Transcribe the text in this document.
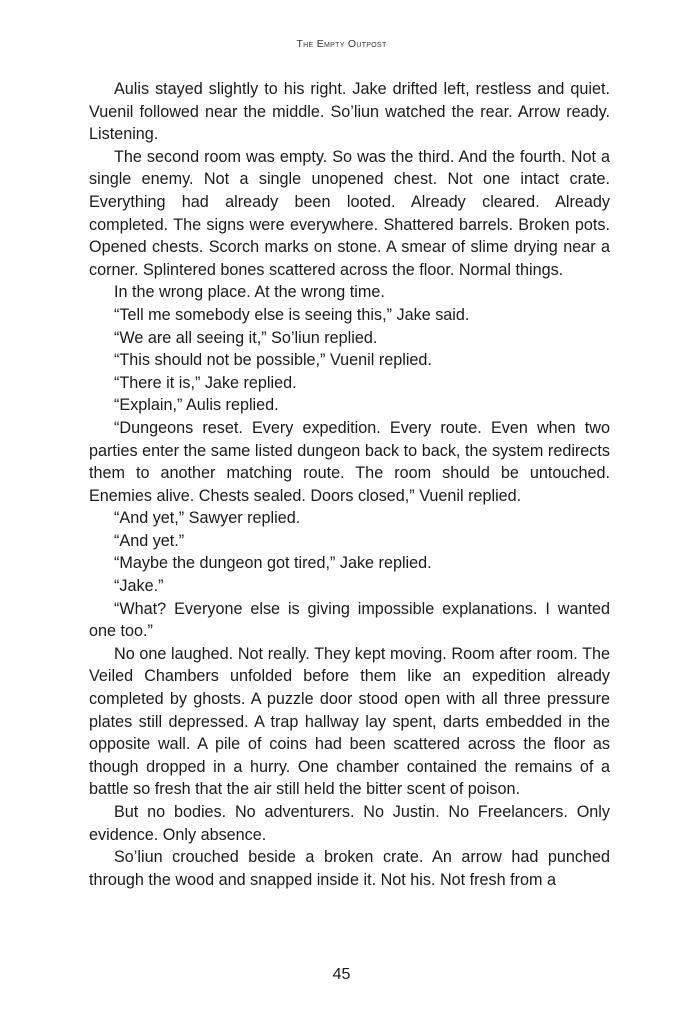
The Empty Outpost

Aulis stayed slightly to his right. Jake drifted left, restless and quiet. Vuenil followed near the middle. So’liun watched the rear. Arrow ready. Listening.

The second room was empty. So was the third. And the fourth. Not a single enemy. Not a single unopened chest. Not one intact crate. Everything had already been looted. Already cleared. Already completed. The signs were everywhere. Shattered barrels. Broken pots. Opened chests. Scorch marks on stone. A smear of slime drying near a corner. Splintered bones scattered across the floor. Normal things.

In the wrong place. At the wrong time.

“Tell me somebody else is seeing this,” Jake said.

“We are all seeing it,” So’liun replied.

“This should not be possible,” Vuenil replied.

“There it is,” Jake replied.

“Explain,” Aulis replied.

“Dungeons reset. Every expedition. Every route. Even when two parties enter the same listed dungeon back to back, the system redirects them to another matching route. The room should be untouched. Enemies alive. Chests sealed. Doors closed,” Vuenil replied.

“And yet,” Sawyer replied.

“And yet.”

“Maybe the dungeon got tired,” Jake replied.

“Jake.”

“What? Everyone else is giving impossible explanations. I wanted one too.”

No one laughed. Not really. They kept moving. Room after room. The Veiled Chambers unfolded before them like an expedition already completed by ghosts. A puzzle door stood open with all three pressure plates still depressed. A trap hallway lay spent, darts embedded in the opposite wall. A pile of coins had been scattered across the floor as though dropped in a hurry. One chamber contained the remains of a battle so fresh that the air still held the bitter scent of poison.

But no bodies. No adventurers. No Justin. No Freelancers. Only evidence. Only absence.

So’liun crouched beside a broken crate. An arrow had punched through the wood and snapped inside it. Not his. Not fresh from a

45
